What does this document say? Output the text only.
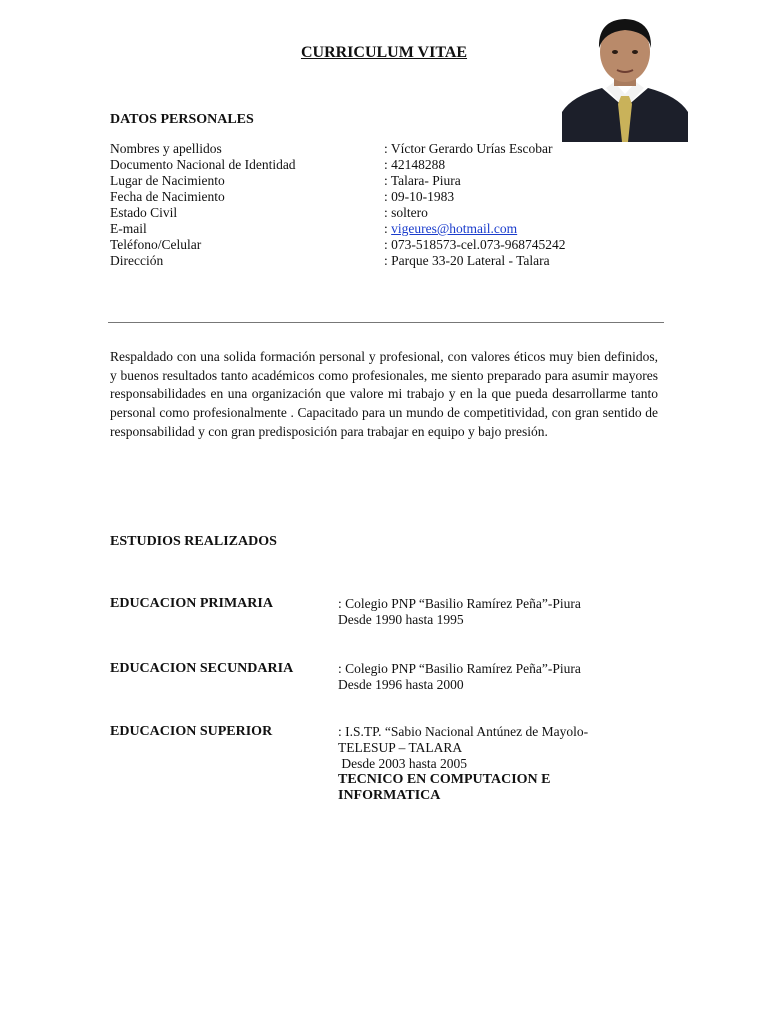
CURRICULUM VITAE
DATOS PERSONALES
Nombres y apellidos	: Víctor Gerardo Urías Escobar
Documento Nacional de Identidad	: 42148288
Lugar de Nacimiento	: Talara- Piura
Fecha de Nacimiento	: 09-10-1983
Estado Civil	: soltero
E-mail	: vigeures@hotmail.com
Teléfono/Celular	: 073-518573-cel.073-968745242
Dirección	: Parque 33-20 Lateral - Talara
Respaldado con una solida formación personal y profesional, con valores éticos muy bien definidos, y buenos resultados tanto académicos como profesionales, me siento preparado para asumir mayores responsabilidades en una organización que valore mi trabajo y en la que pueda desarrollarme tanto personal como profesionalmente . Capacitado para un mundo de competitividad, con gran sentido de responsabilidad y con gran predisposición para trabajar en equipo y bajo presión.
ESTUDIOS REALIZADOS
EDUCACION PRIMARIA	: Colegio PNP “Basilio Ramírez Peña”-Piura
Desde 1990 hasta 1995
EDUCACION SECUNDARIA	: Colegio PNP “Basilio Ramírez Peña”-Piura
Desde 1996 hasta 2000
EDUCACION SUPERIOR	: I.S.TP. “Sabio Nacional Antúnez de Mayolo-
TELESUP – TALARA
Desde 2003 hasta 2005
TECNICO EN COMPUTACION E
INFORMATICA
